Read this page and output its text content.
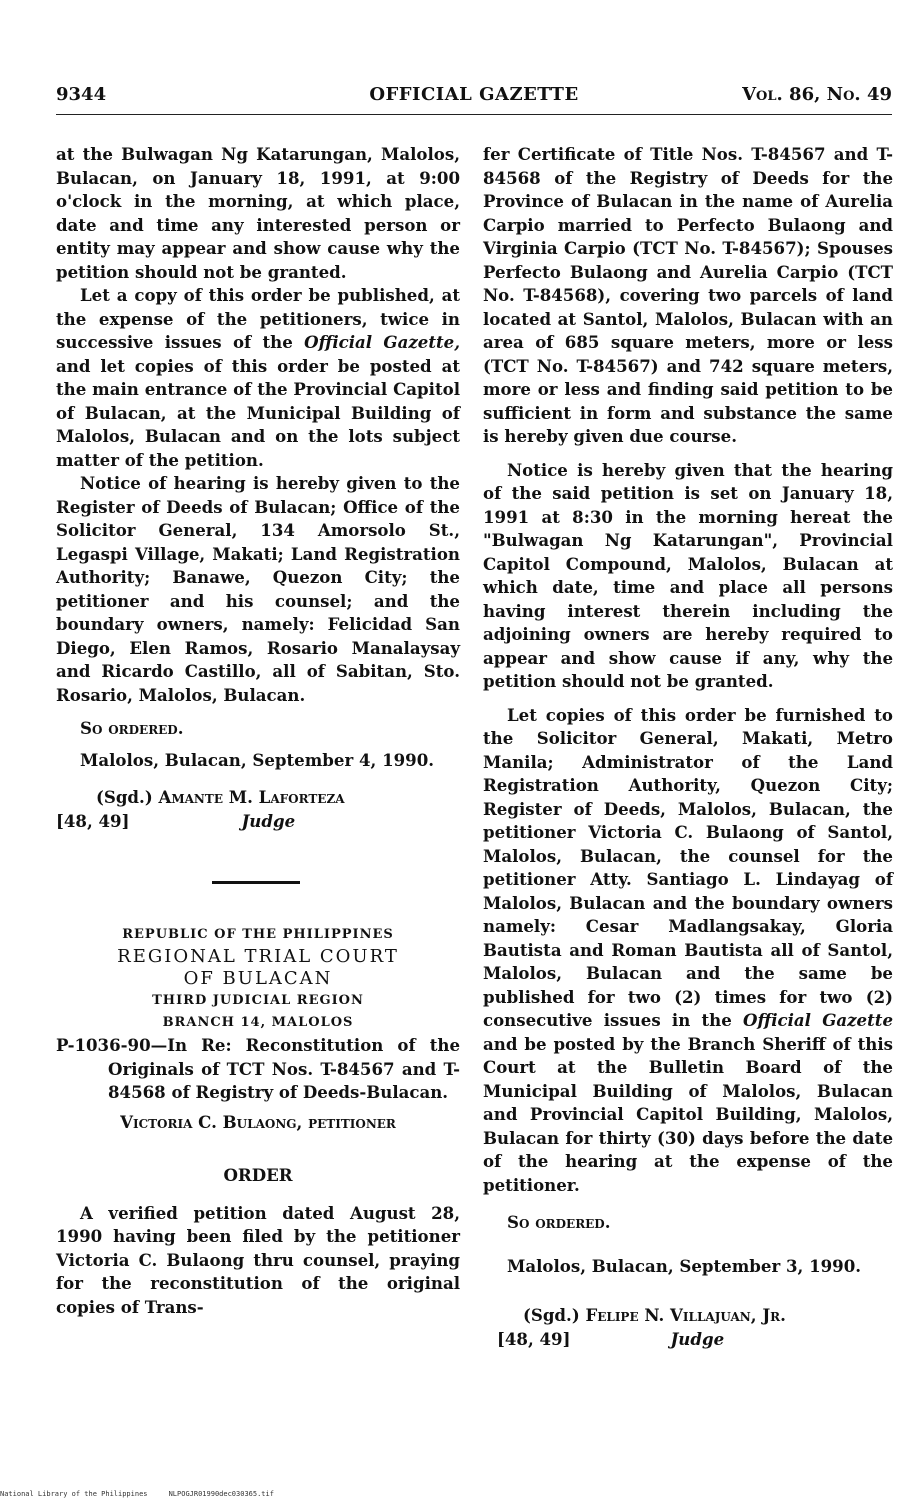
9344	OFFICIAL GAZETTE	Vol. 86, No. 49

at the Bulwagan Ng Katarungan, Malolos, Bulacan, on January 18, 1991, at 9:00 o'clock in the morning, at which place, date and time any interested person or entity may appear and show cause why the petition should not be granted.

Let a copy of this order be published, at the expense of the petitioners, twice in successive issues of the Official Gazette, and let copies of this order be posted at the main entrance of the Provincial Capitol of Bulacan, at the Municipal Building of Malolos, Bulacan and on the lots subject matter of the petition.

Notice of hearing is hereby given to the Register of Deeds of Bulacan; Office of the Solicitor General, 134 Amorsolo St., Legaspi Village, Makati; Land Registration Authority; Banawe, Quezon City; the petitioner and his counsel; and the boundary owners, namely: Felicidad San Diego, Elen Ramos, Rosario Manalaysay and Ricardo Castillo, all of Sabitan, Sto. Rosario, Malolos, Bulacan.

So ordered.
Malolos, Bulacan, September 4, 1990.
(Sgd.) Amante M. Laforteza
[48, 49]	Judge
REPUBLIC OF THE PHILIPPINES
REGIONAL TRIAL COURT
OF BULACAN
THIRD JUDICIAL REGION
BRANCH 14, MALOLOS

P-1036-90—In Re: Reconstitution of the Originals of TCT Nos. T-84567 and T-84568 of Registry of Deeds-Bulacan.

Victoria C. Bulaong, petitioner
ORDER

A verified petition dated August 28, 1990 having been filed by the petitioner Victoria C. Bulaong thru counsel, praying for the reconstitution of the original copies of Trans-

fer Certificate of Title Nos. T-84567 and T-84568 of the Registry of Deeds for the Province of Bulacan in the name of Aurelia Carpio married to Perfecto Bulaong and Virginia Carpio (TCT No. T-84567); Spouses Perfecto Bulaong and Aurelia Carpio (TCT No. T-84568), covering two parcels of land located at Santol, Malolos, Bulacan with an area of 685 square meters, more or less (TCT No. T-84567) and 742 square meters, more or less and finding said petition to be sufficient in form and substance the same is hereby given due course.

Notice is hereby given that the hearing of the said petition is set on January 18, 1991 at 8:30 in the morning hereat the "Bulwagan Ng Katarungan", Provincial Capitol Compound, Malolos, Bulacan at which date, time and place all persons having interest therein including the adjoining owners are hereby required to appear and show cause if any, why the petition should not be granted.

Let copies of this order be furnished to the Solicitor General, Makati, Metro Manila; Administrator of the Land Registration Authority, Quezon City; Register of Deeds, Malolos, Bulacan, the petitioner Victoria C. Bulaong of Santol, Malolos, Bulacan, the counsel for the petitioner Atty. Santiago L. Lindayag of Malolos, Bulacan and the boundary owners namely: Cesar Madlangsakay, Gloria Bautista and Roman Bautista all of Santol, Malolos, Bulacan and the same be published for two (2) times for two (2) consecutive issues in the Official Gazette and be posted by the Branch Sheriff of this Court at the Bulletin Board of the Municipal Building of Malolos, Bulacan and Provincial Capitol Building, Malolos, Bulacan for thirty (30) days before the date of the hearing at the expense of the petitioner.

So ordered.
Malolos, Bulacan, September 3, 1990.
(Sgd.) Felipe N. Villajuan, Jr.
[48, 49]	Judge
National Library of the Philippines	NLPOGJR01990dec030365.tif
